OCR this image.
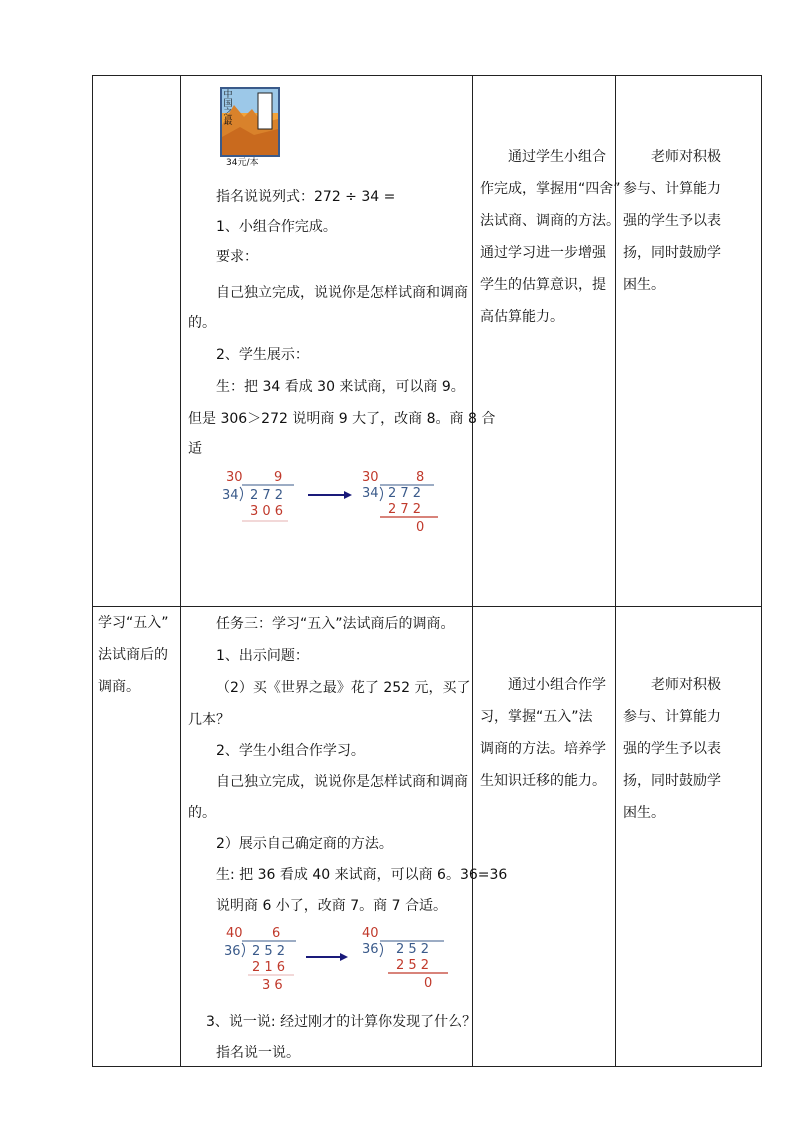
中国之最
34元/本
指名说说列式：272 ÷ 34 =
1、小组合作完成。
要求：
自己独立完成，说说你是怎样试商和调商
的。
2、学生展示：
生：把 34 看成 30 来试商，可以商 9。
但是 306＞272 说明商 9 大了，改商 8。商 8 合
适
30 9
34 2 7 2
3 0 6
30	8
34 2 7 2
2 7 2
0
通过学生小组合
作完成，掌握用“四舍”
法试商、调商的方法。
通过学习进一步增强
学生的估算意识，提
高估算能力。
老师对积极
参与、计算能力
强的学生予以表
扬，同时鼓励学
困生。
学习“五入”
法试商后的
调商。
任务三：学习“五入”法试商后的调商。
1、出示问题：
（2）买《世界之最》花了 252 元，买了
几本？
2、学生小组合作学习。
自己独立完成，说说你是怎样试商和调商
的。
2）展示自己确定商的方法。
生: 把 36 看成 40 来试商，可以商 6。36=36
说明商 6 小了，改商 7。商 7 合适。
40 6
36 2 5 2
2 1 6
3 6
40
36 2 5 2
2 5 2
0
3、说一说: 经过刚才的计算你发现了什么？
指名说一说。
通过小组合作学
习，掌握“五入”法
调商的方法。培养学
生知识迁移的能力。
老师对积极
参与、计算能力
强的学生予以表
扬，同时鼓励学
困生。
